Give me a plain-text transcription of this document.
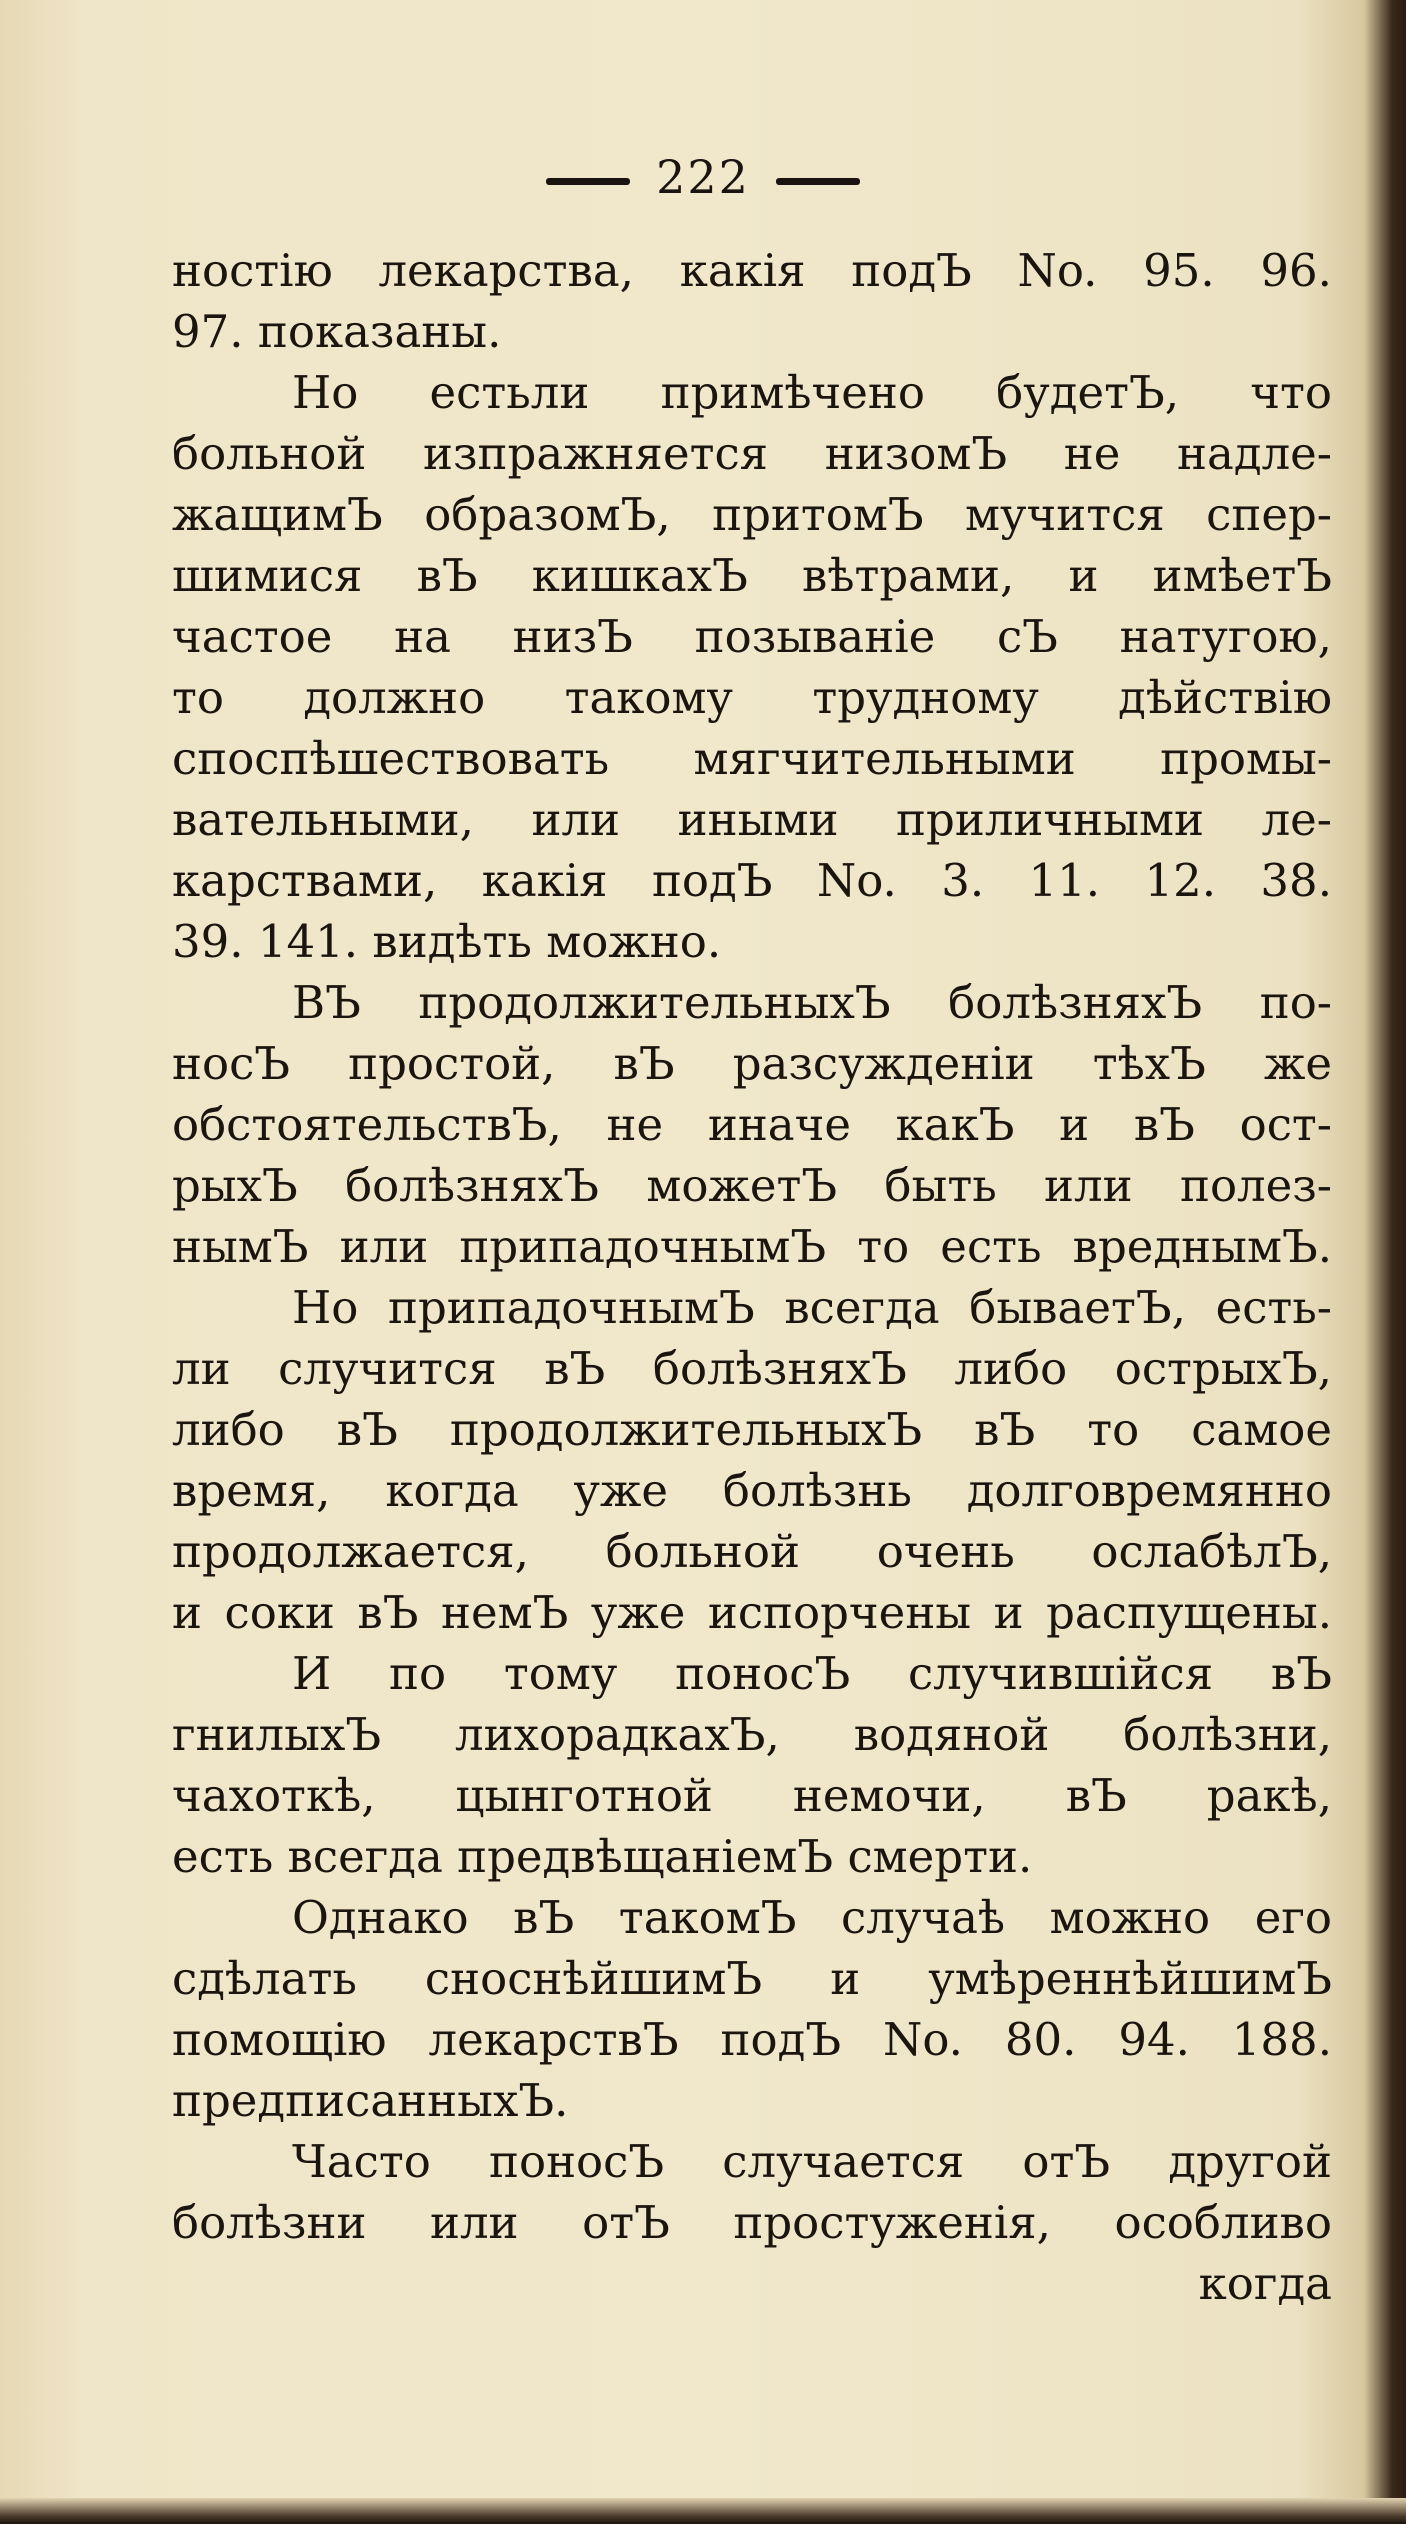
222
ностію лекарства, какія подЪ No. 95. 96.
97. показаны.
Но естьли примѣчено будетЪ, что
больной изпражняется низомЪ не надле-
жащимЪ образомЪ, притомЪ мучится спер-
шимися вЪ кишкахЪ вѣтрами, и имѣетЪ
частое на низЪ позываніе сЪ натугою,
то должно такому трудному дѣйствію
споспѣшествовать мягчительными промы-
вательными, или иными приличными ле-
карствами, какія подЪ No. 3. 11. 12. 38.
39. 141. видѣть можно.
ВЪ продолжительныхЪ болѣзняхЪ по-
носЪ простой, вЪ разсужденіи тѣхЪ же
обстоятельствЪ, не иначе какЪ и вЪ ост-
рыхЪ болѣзняхЪ можетЪ быть или полез-
нымЪ или припадочнымЪ то есть вреднымЪ.
Но припадочнымЪ всегда бываетЪ, есть-
ли случится вЪ болѣзняхЪ либо острыхЪ,
либо вЪ продолжительныхЪ вЪ то самое
время, когда уже болѣзнь долговремянно
продолжается, больной очень ослабѣлЪ,
и соки вЪ немЪ уже испорчены и распущены.
И по тому поносЪ случившійся вЪ
гнилыхЪ лихорадкахЪ, водяной болѣзни,
чахоткѣ, цынготной немочи, вЪ ракѣ,
есть всегда предвѣщаніемЪ смерти.
Однако вЪ такомЪ случаѣ можно его
сдѣлать сноснѣйшимЪ и умѣреннѣйшимЪ
помощію лекарствЪ подЪ No. 80. 94. 188.
предписанныхЪ.
Часто поносЪ случается отЪ другой
болѣзни или отЪ простуженія, особливо
когда
